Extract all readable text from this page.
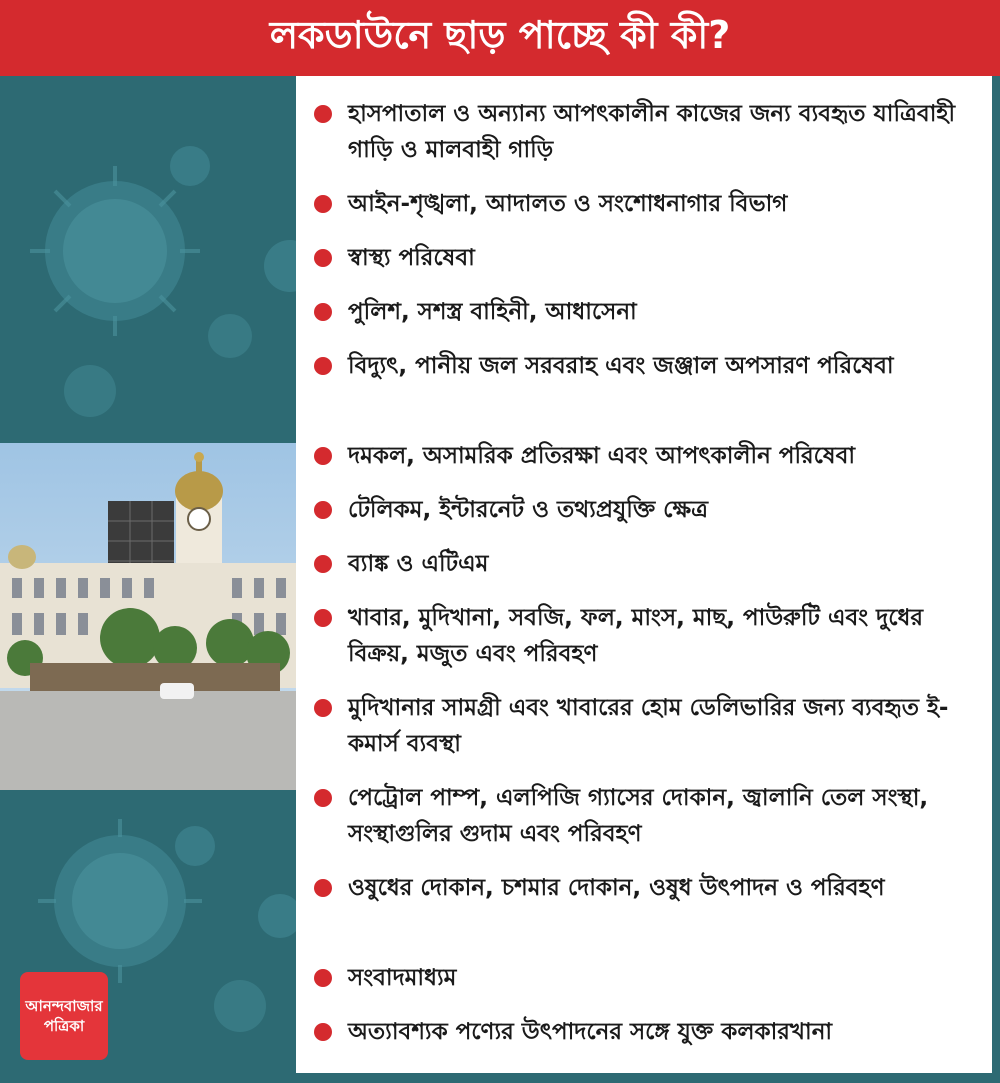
লকডাউনে ছাড় পাচ্ছে কী কী?
আনন্দবাজার
পত্রিকা
হাসপাতাল ও অন্যান্য আপৎকালীন কাজের জন্য ব্যবহৃত যাত্রিবাহী গাড়ি ও মালবাহী গাড়ি
আইন-শৃঙ্খলা, আদালত ও সংশোধনাগার বিভাগ
স্বাস্থ্য পরিষেবা
পুলিশ, সশস্ত্র বাহিনী, আধাসেনা
বিদ্যুৎ, পানীয় জল সরবরাহ এবং জঞ্জাল অপসারণ পরিষেবা
দমকল, অসামরিক প্রতিরক্ষা এবং আপৎকালীন পরিষেবা
টেলিকম, ইন্টারনেট ও তথ্যপ্রযুক্তি ক্ষেত্র
ব্যাঙ্ক ও এটিএম
খাবার, মুদিখানা, সবজি, ফল, মাংস, মাছ, পাউরুটি এবং দুধের বিক্রয়, মজুত এবং পরিবহণ
মুদিখানার সামগ্রী এবং খাবারের হোম ডেলিভারির জন্য ব্যবহৃত ই-কমার্স ব্যবস্থা
পেট্রোল পাম্প, এলপিজি গ্যাসের দোকান, জ্বালানি তেল সংস্থা, সংস্থাগুলির গুদাম এবং পরিবহণ
ওষুধের দোকান, চশমার দোকান, ওষুধ উৎপাদন ও পরিবহণ
সংবাদমাধ্যম
অত্যাবশ্যক পণ্যের উৎপাদনের সঙ্গে যুক্ত কলকারখানা
